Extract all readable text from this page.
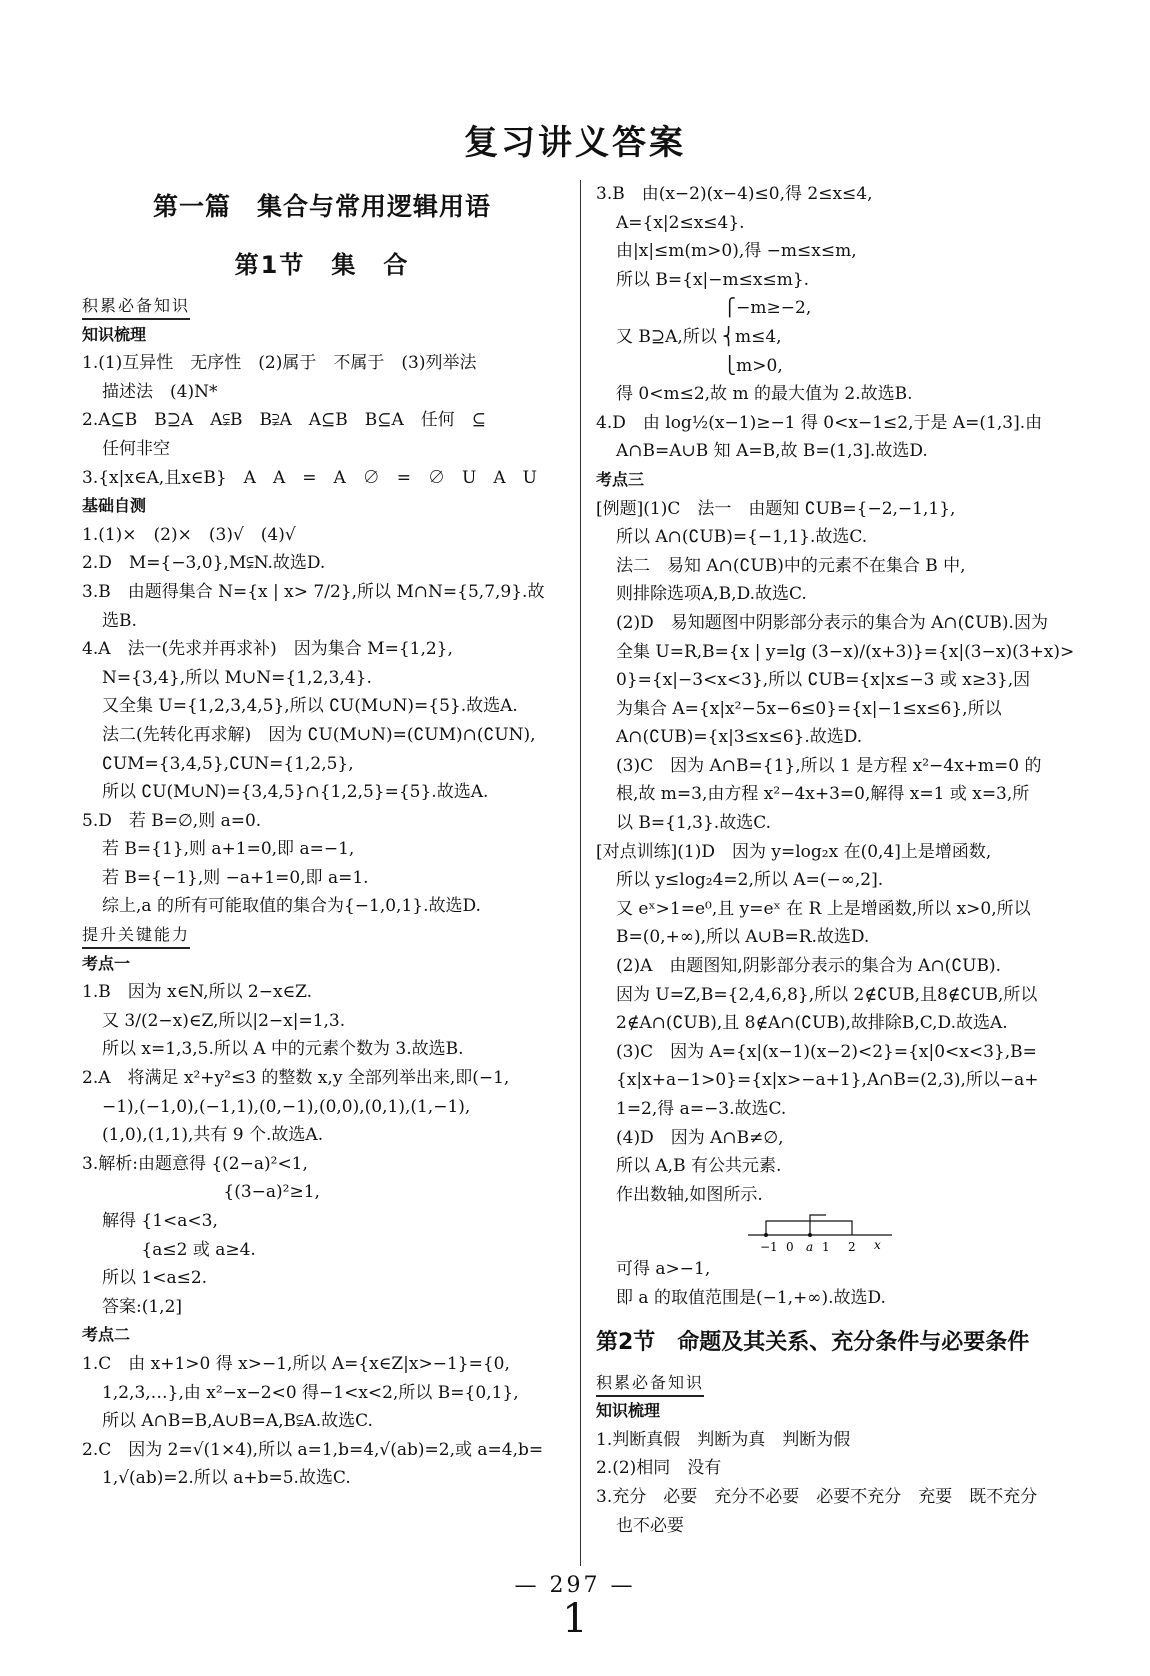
复习讲义答案
第一篇　集合与常用逻辑用语
第1节　集　合
积累必备知识
知识梳理
1.(1)互异性　无序性　(2)属于　不属于　(3)列举法
描述法　(4)N*
2.A⊆B　B⊇A　A⫋B　B⫌A　A⊆B　B⊆A　任何　⊆
任何非空
3.{x|x∈A,且x∈B}　A　A　=　A　∅　=　∅　U　A　U
基础自测
1.(1)×　(2)×　(3)√　(4)√
2.D　M={−3,0},M⫋N.故选D.
3.B　由题得集合 N={x | x> 7/2},所以 M∩N={5,7,9}.故
选B.
4.A　法一(先求并再求补)　因为集合 M={1,2},
N={3,4},所以 M∪N={1,2,3,4}.
又全集 U={1,2,3,4,5},所以 ∁U(M∪N)={5}.故选A.
法二(先转化再求解)　因为 ∁U(M∪N)=(∁UM)∩(∁UN),
∁UM={3,4,5},∁UN={1,2,5},
所以 ∁U(M∪N)={3,4,5}∩{1,2,5}={5}.故选A.
5.D　若 B=∅,则 a=0.
若 B={1},则 a+1=0,即 a=−1,
若 B={−1},则 −a+1=0,即 a=1.
综上,a 的所有可能取值的集合为{−1,0,1}.故选D.
提升关键能力
考点一
1.B　因为 x∈N,所以 2−x∈Z.
又 3/(2−x)∈Z,所以|2−x|=1,3.
所以 x=1,3,5.所以 A 中的元素个数为 3.故选B.
2.A　将满足 x²+y²≤3 的整数 x,y 全部列举出来,即(−1,
−1),(−1,0),(−1,1),(0,−1),(0,0),(0,1),(1,−1),
(1,0),(1,1),共有 9 个.故选A.
3.解析:由题意得 {(2−a)²<1,
　　　　　　　　 {(3−a)²≥1,
解得 {1<a<3,
　　 {a≤2 或 a≥4.
所以 1<a≤2.
答案:(1,2]
考点二
1.C　由 x+1>0 得 x>−1,所以 A={x∈Z|x>−1}={0,
1,2,3,…},由 x²−x−2<0 得−1<x<2,所以 B={0,1},
所以 A∩B=B,A∪B=A,B⫋A.故选C.
2.C　因为 2=√(1×4),所以 a=1,b=4,√(ab)=2,或 a=4,b=
1,√(ab)=2.所以 a+b=5.故选C.
3.B　由(x−2)(x−4)≤0,得 2≤x≤4,
A={x|2≤x≤4}.
由|x|≤m(m>0),得 −m≤x≤m,
所以 B={x|−m≤x≤m}.
　　　　　　 ⎧−m≥−2,
又 B⊇A,所以 ⎨m≤4,
　　　　　　 ⎩m>0,
得 0<m≤2,故 m 的最大值为 2.故选B.
4.D　由 log½(x−1)≥−1 得 0<x−1≤2,于是 A=(1,3].由
A∩B=A∪B 知 A=B,故 B=(1,3].故选D.
考点三
[例题](1)C　法一　由题知 ∁UB={−2,−1,1},
所以 A∩(∁UB)={−1,1}.故选C.
法二　易知 A∩(∁UB)中的元素不在集合 B 中,
则排除选项A,B,D.故选C.
(2)D　易知题图中阴影部分表示的集合为 A∩(∁UB).因为
全集 U=R,B={x | y=lg (3−x)/(x+3)}={x|(3−x)(3+x)>
0}={x|−3<x<3},所以 ∁UB={x|x≤−3 或 x≥3},因
为集合 A={x|x²−5x−6≤0}={x|−1≤x≤6},所以
A∩(∁UB)={x|3≤x≤6}.故选D.
(3)C　因为 A∩B={1},所以 1 是方程 x²−4x+m=0 的
根,故 m=3,由方程 x²−4x+3=0,解得 x=1 或 x=3,所
以 B={1,3}.故选C.
[对点训练](1)D　因为 y=log₂x 在(0,4]上是增函数,
所以 y≤log₂4=2,所以 A=(−∞,2].
又 eˣ>1=e⁰,且 y=eˣ 在 R 上是增函数,所以 x>0,所以
B=(0,+∞),所以 A∪B=R.故选D.
(2)A　由题图知,阴影部分表示的集合为 A∩(∁UB).
因为 U=Z,B={2,4,6,8},所以 2∉∁UB,且8∉∁UB,所以
2∉A∩(∁UB),且 8∉A∩(∁UB),故排除B,C,D.故选A.
(3)C　因为 A={x|(x−1)(x−2)<2}={x|0<x<3},B=
{x|x+a−1>0}={x|x>−a+1},A∩B=(2,3),所以−a+
1=2,得 a=−3.故选C.
(4)D　因为 A∩B≠∅,
所以 A,B 有公共元素.
作出数轴,如图所示.
−1 0 a 1 2 x
可得 a>−1,
即 a 的取值范围是(−1,+∞).故选D.
第2节　命题及其关系、充分条件与必要条件
积累必备知识
知识梳理
1.判断真假　判断为真　判断为假
2.(2)相同　没有
3.充分　必要　充分不必要　必要不充分　充要　既不充分
也不必要
— 297 —
1
